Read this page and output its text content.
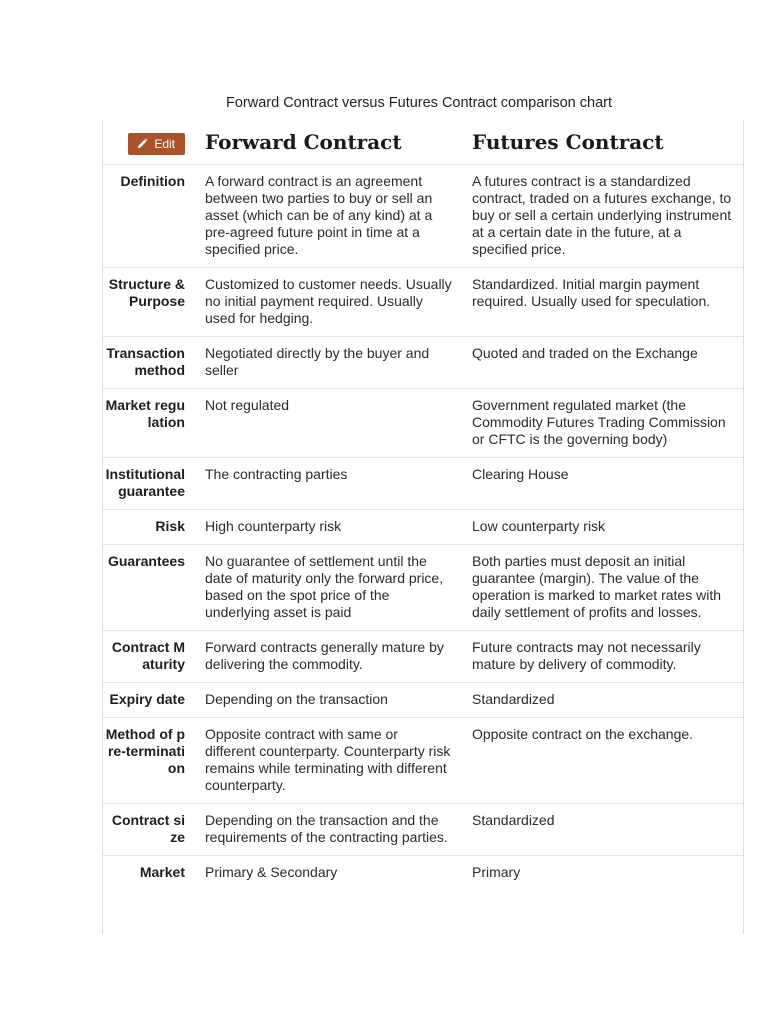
Forward Contract versus Futures Contract comparison chart
Edit	Forward Contract	Futures Contract
Definition	A forward contract is an agreement between two parties to buy or sell an asset (which can be of any kind) at a pre-agreed future point in time at a specified price.	A futures contract is a standardized contract, traded on a futures exchange, to buy or sell a certain underlying instrument at a certain date in the future, at a specified price.
Structure & Purpose	Customized to customer needs. Usually no initial payment required. Usually used for hedging.	Standardized. Initial margin payment required. Usually used for speculation.
Transaction method	Negotiated directly by the buyer and seller	Quoted and traded on the Exchange
Market regulation	Not regulated	Government regulated market (the Commodity Futures Trading Commission or CFTC is the governing body)
Institutional guarantee	The contracting parties	Clearing House
Risk	High counterparty risk	Low counterparty risk
Guarantees	No guarantee of settlement until the date of maturity only the forward price, based on the spot price of the underlying asset is paid	Both parties must deposit an initial guarantee (margin). The value of the operation is marked to market rates with daily settlement of profits and losses.
Contract Maturity	Forward contracts generally mature by delivering the commodity.	Future contracts may not necessarily mature by delivery of commodity.
Expiry date	Depending on the transaction	Standardized
Method of pre-termination	Opposite contract with same or different counterparty. Counterparty risk remains while terminating with different counterparty.	Opposite contract on the exchange.
Contract size	Depending on the transaction and the requirements of the contracting parties.	Standardized
Market	Primary & Secondary	Primary
